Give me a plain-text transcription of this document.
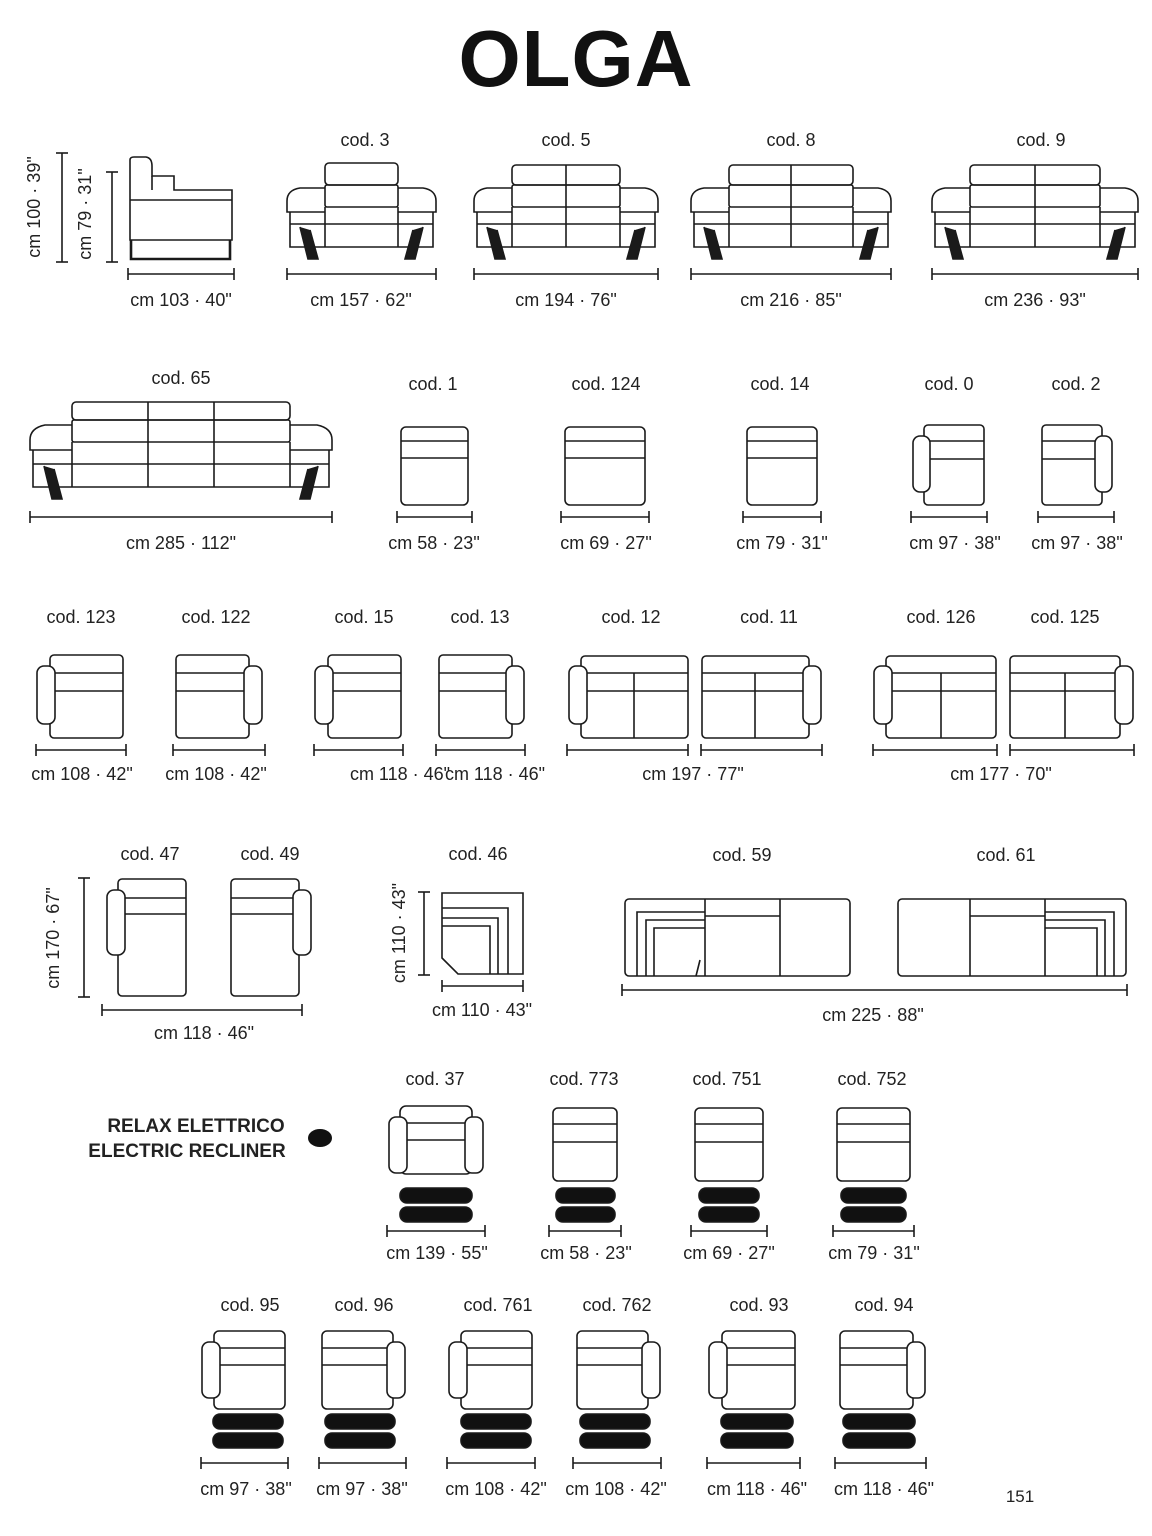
OLGA
cm 100 · 39" cm 79 · 31"
cm 103 · 40"
cod. 3
cm 157 · 62"
cod. 5
cm 194 · 76"
cod. 8
cm 216 · 85"
cod. 9
cm 236 · 93"
cod. 65
cm 285 · 112"
cod. 1
cm 58 · 23"
cod. 124
cm 69 · 27"
cod. 14
cm 79 · 31"
cod. 0
cm 97 · 38"
cod. 2
cm 97 · 38"
cod. 123
cm 108 · 42"
cod. 122
cm 108 · 42"
cod. 15
cm 118 · 46"
cod. 13
cm 118 · 46"
cod. 12
cm 197 · 77"
cod. 11	cod. 126
cm 177 · 70"
cod. 125
cod. 47	cod. 49
cm 170 · 67"
cm 118 · 46"
cod. 46
cm 110 · 43"
cm 110 · 43"
cod. 59	cod. 61
cm 225 · 88"
RELAX ELETTRICO
ELECTRIC RECLINER
cod. 37
cm 139 · 55"
cod. 773
cm 58 · 23"
cod. 751
cm 69 · 27"
cod. 752
cm 79 · 31"
cod. 95
cm 97 · 38"
cod. 96
cm 97 · 38"
cod. 761
cm 108 · 42"
cod. 762
cm 108 · 42"
cod. 93
cm 118 · 46"
cod. 94
cm 118 · 46"	151
